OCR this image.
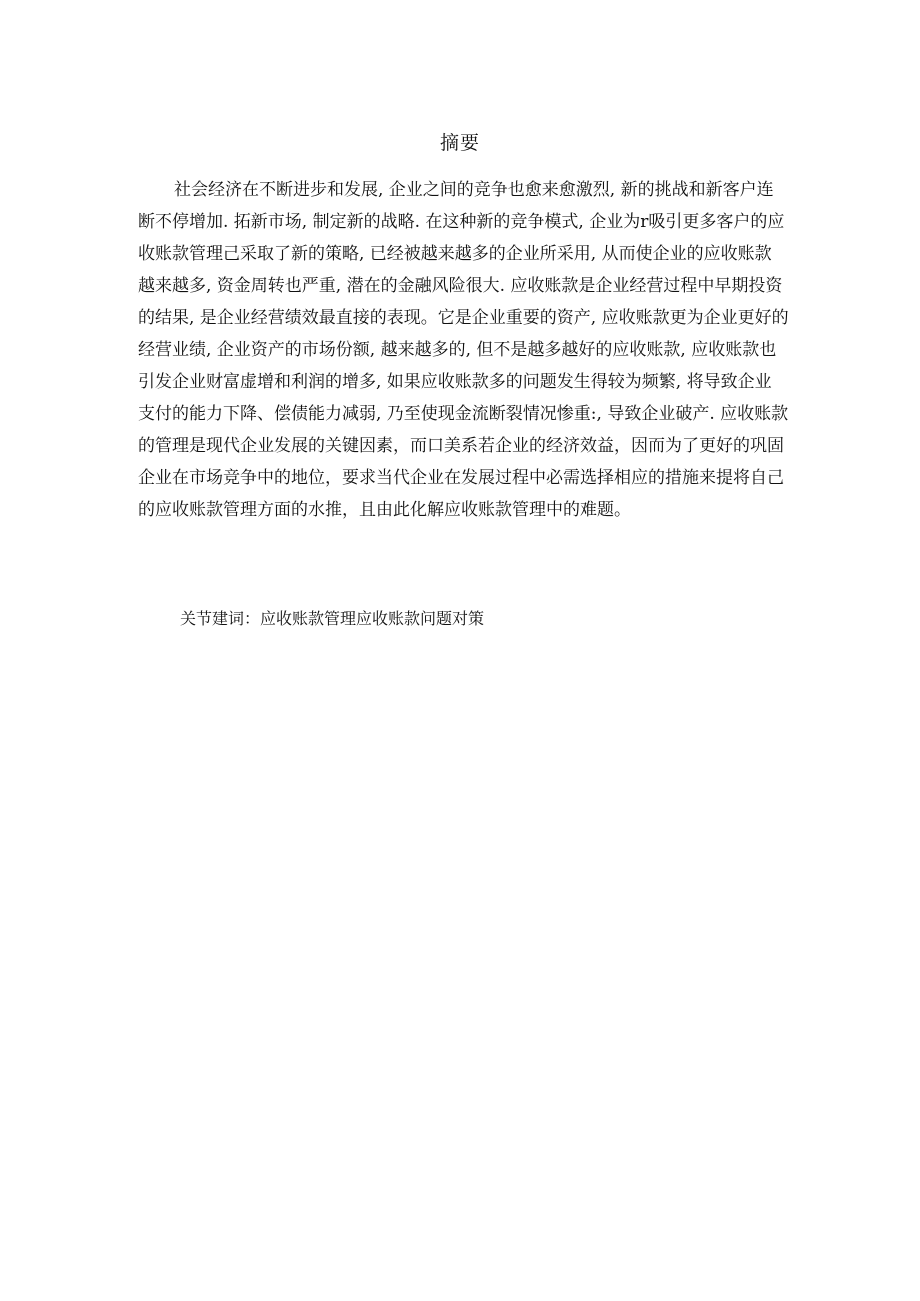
摘要
社会经济在不断进步和发展, 企业之间的竞争也愈来愈激烈, 新的挑战和新客户连
断不停增加. 拓新市场, 制定新的战略. 在这种新的竞争模式, 企业为r吸引更多客户的应
收账款管理己采取了新的策略, 已经被越来越多的企业所采用, 从而使企业的应收账款
越来越多, 资金周转也严重, 潜在的金融风险很大. 应收账款是企业经营过程中早期投资
的结果, 是企业经营绩效最直接的表现。它是企业重要的资产, 应收账款更为企业更好的
经营业绩, 企业资产的市场份额, 越来越多的, 但不是越多越好的应收账款, 应收账款也
引发企业财富虚增和利润的增多, 如果应收账款多的问题发生得较为频繁, 将导致企业
支付的能力下降、偿债能力减弱, 乃至使现金流断裂情况惨重:, 导致企业破产. 应收账款
的管理是现代企业发展的关键因素，而口美系若企业的经济效益，因而为了更好的巩固
企业在市场竞争中的地位，要求当代企业在发展过程中必需选择相应的措施来提将自己
的应收账款管理方面的水推，且由此化解应收账款管理中的难题。
关节建词：应收账款管理应收账款问题对策
